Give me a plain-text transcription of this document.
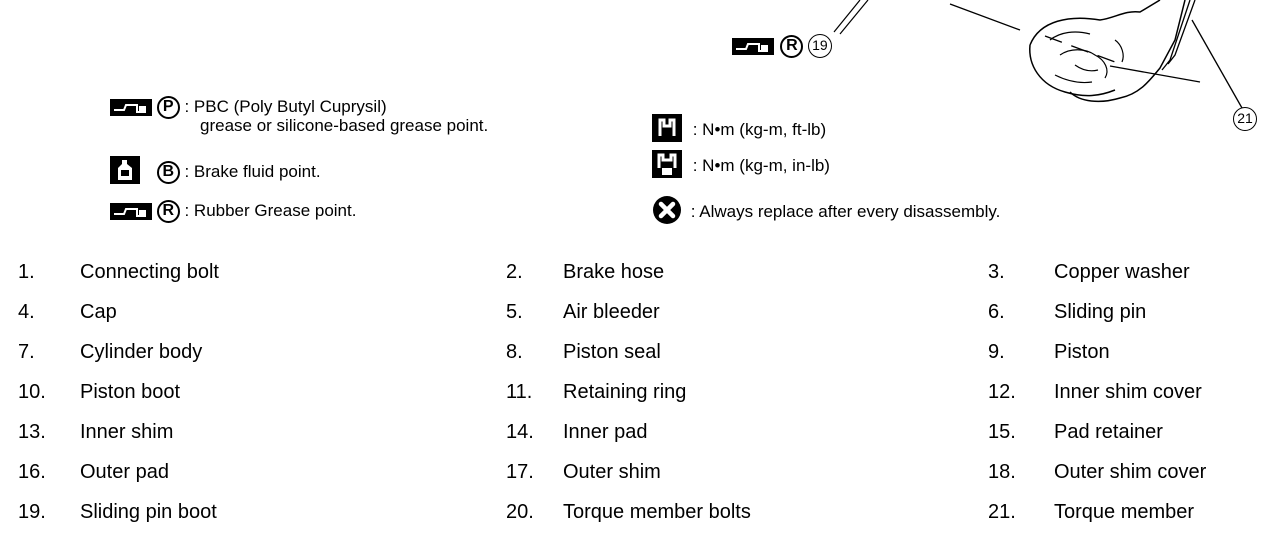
R 19
21
P : PBC (Poly Butyl Cuprysil)
grease or silicone-based grease point.
B : Brake fluid point.
R : Rubber Grease point.
: N•m (kg-m, ft-lb)
: N•m (kg-m, in-lb)
: Always replace after every disassembly.
1. Connecting bolt	2. Brake hose	3. Copper washer
4. Cap	5. Air bleeder	6. Sliding pin
7. Cylinder body	8. Piston seal	9. Piston
10. Piston boot	11. Retaining ring	12. Inner shim cover
13. Inner shim	14. Inner pad	15. Pad retainer
16. Outer pad	17. Outer shim	18. Outer shim cover
19. Sliding pin boot	20. Torque member bolts	21. Torque member
